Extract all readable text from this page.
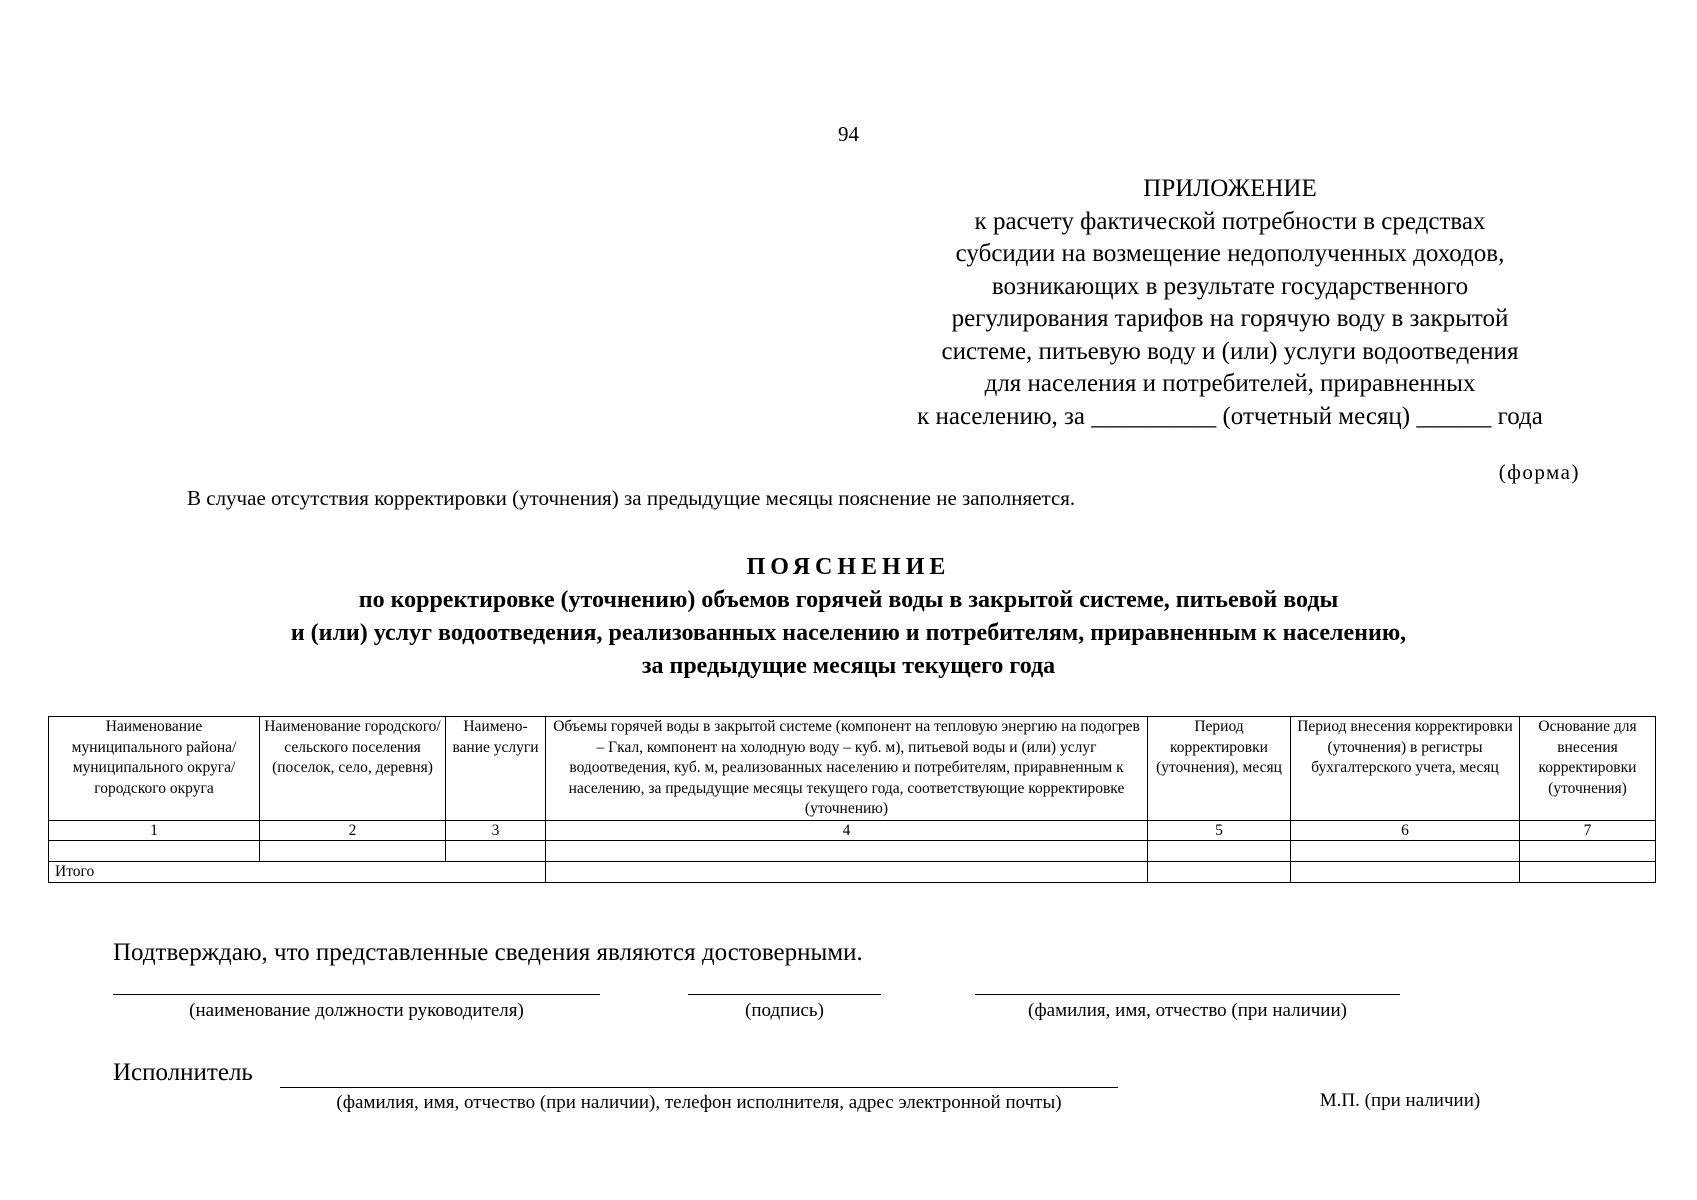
94
ПРИЛОЖЕНИЕ
к расчету фактической потребности в средствах
субсидии на возмещение недополученных доходов,
возникающих в результате государственного
регулирования тарифов на горячую воду в закрытой
системе, питьевую воду и (или) услуги водоотведения
для населения и потребителей, приравненных
к населению, за __________ (отчетный месяц) ______ года
(форма)
В случае отсутствия корректировки (уточнения) за предыдущие месяцы пояснение не заполняется.
ПОЯСНЕНИЕ
по корректировке (уточнению) объемов горячей воды в закрытой системе, питьевой воды
и (или) услуг водоотведения, реализованных населению и потребителям, приравненным к населению,
за предыдущие месяцы текущего года
Наименование муниципального района/ муниципального округа/ городского округа	Наименование городского/ сельского поселения (поселок, село, деревня)	Наимено-вание услуги	Объемы горячей воды в закрытой системе (компонент на тепловую энергию на подогрев – Гкал, компонент на холодную воду – куб. м), питьевой воды и (или) услуг водоотведения, куб. м, реализованных населению и потребителям, приравненным к населению, за предыдущие месяцы текущего года, соответствующие корректировке (уточнению)	Период корректировки (уточнения), месяц	Период внесения корректировки (уточнения) в регистры бухгалтерского учета, месяц	Основание для внесения корректировки (уточнения)
1	2	3	4	5	6	7

Итого						
Подтверждаю, что представленные сведения являются достоверными.
(наименование должности руководителя)	(подпись)	(фамилия, имя, отчество (при наличии)
Исполнитель
(фамилия, имя, отчество (при наличии), телефон исполнителя, адрес электронной почты)	М.П. (при наличии)
